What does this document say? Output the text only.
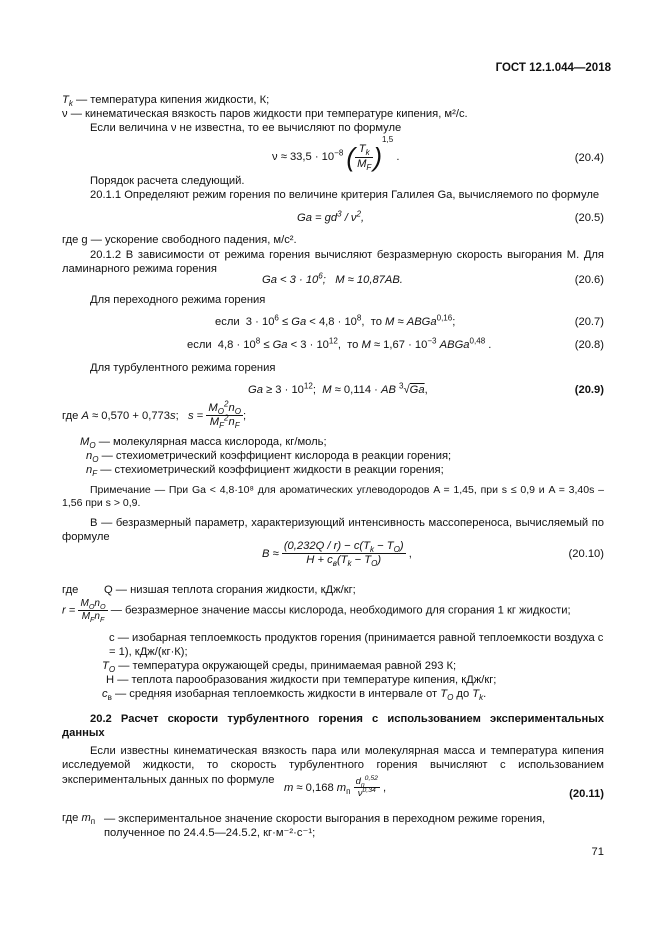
ГОСТ 12.1.044—2018
$T_k$ — температура кипения жидкости, К;
ν — кинематическая вязкость паров жидкости при температуре кипения, м²/с.
Если величина ν не известна, то ее вычисляют по формуле
$\nu \approx 33,5 \cdot 10^{-8}$ ( $\frac{T_k}{M_F} )^{1,5}$ .	(20.4)
Порядок расчета следующий.
20.1.1 Определяют режим горения по величине критерия Галилея Ga, вычисляемого по формуле
$Ga = gd^3 / \nu^2$,	(20.5)
где g — ускорение свободного падения, м/с².
20.1.2 В зависимости от режима горения вычисляют безразмерную скорость выгорания M. Для ламинарного режима горения
$Ga < 3 \cdot 10^6$;   M ≈ 10,87AB.	(20.6)
Для переходного режима горения
если  $3 \cdot 10^6 \le Ga < 4,8 \cdot 10^8$,  то M ≈ ABGa$^{0,16}$;	(20.7)
если  $4,8 \cdot 10^8 \le Ga < 3 \cdot 10^{12}$,  то $M \approx 1,67 \cdot 10^{-3}$ ABGa$^{0,48}$ .	(20.8)
Для турбулентного режима горения
$Ga \ge 3 \cdot 10^{12}$;  M ≈ 0,114 · AB $^3$√Ga,	(20.9)
где A ≈ 0,570 + 0,773s;   $s = \frac{M_O^2n_O}{M_F^2n_F}$ ;
$M_O$ — молекулярная масса кислорода, кг/моль;
$n_O$ — стехиометрический коэффициент кислорода в реакции горения;
$n_F$ — стехиометрический коэффициент жидкости в реакции горения;
Примечание — При Ga < 4,8·10⁸ для ароматических углеводородов A = 1,45, при s ≤ 0,9 и A = 3,40s – 1,56 при s > 0,9.
B — безразмерный параметр, характеризующий интенсивность массопереноса, вычисляемый по формуле
$B \approx \frac{(0,232Q / r) - c(T_k - T_O)}{H + c_в(T_k - T_O)}$ ,	(20.10)
где Q — низшая теплота сгорания жидкости, кДж/кг;
$r = \frac{M_On_O}{M_Fn_F}$ — безразмерное значение массы кислорода, необходимого для сгорания 1 кг жидкости;
c — изобарная теплоемкость продуктов горения (принимается равной теплоемкости воздуха c = 1), кДж/(кг·К);
$T_O$ — температура окружающей среды, принимаемая равной 293 К;
H — теплота парообразования жидкости при температуре кипения, кДж/кг;
$c_в$ — средняя изобарная теплоемкость жидкости в интервале от $T_O$ до $T_k$.
20.2 Расчет скорости турбулентного горения с использованием экспериментальных данных
Если известны кинематическая вязкость пара или молекулярная масса и температура кипения исследуемой жидкости, то скорость турбулентного горения вычисляют с использованием экспериментальных данных по формуле
m ≈ 0,168 $m_п \frac{d_п^{0,52}}{\nu^{0,34}}$ ,
(20.11)
где $m_п$ — экспериментальное значение скорости выгорания в переходном режиме горения, полученное по 24.4.5—24.5.2, кг·м⁻²·с⁻¹;
71
